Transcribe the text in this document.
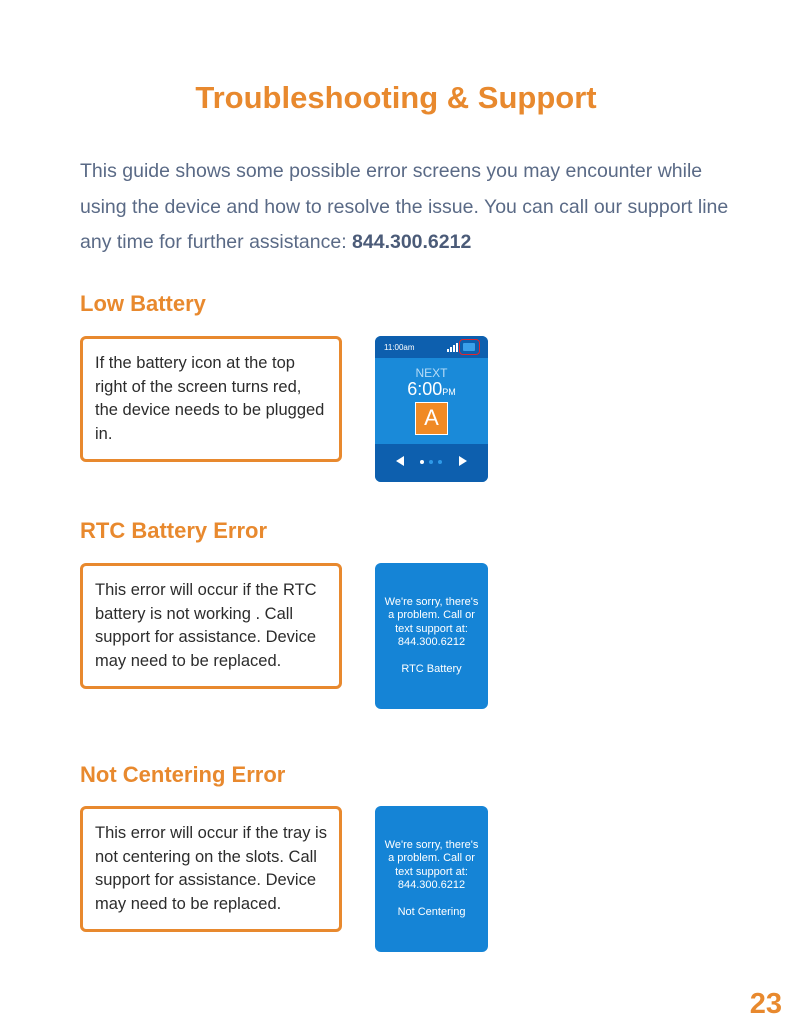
Troubleshooting & Support

This guide shows some possible error screens you may encounter while using the device and how to resolve the issue. You can call our support line any time for further assistance: 844.300.6212

Low Battery

If the battery icon at the top right of the screen turns red, the device needs to be plugged in.

11:00am
NEXT
6:00PM
A
RTC Battery Error

This error will occur if the RTC battery is not working . Call support for assistance. Device may need to be replaced.

We're sorry, there's a problem. Call or text support at: 844.300.6212
RTC Battery
Not Centering Error

This error will occur if the tray is not centering on the slots. Call support for assistance. Device may need to be replaced.

We're sorry, there's a problem. Call or text support at: 844.300.6212
Not Centering

23
